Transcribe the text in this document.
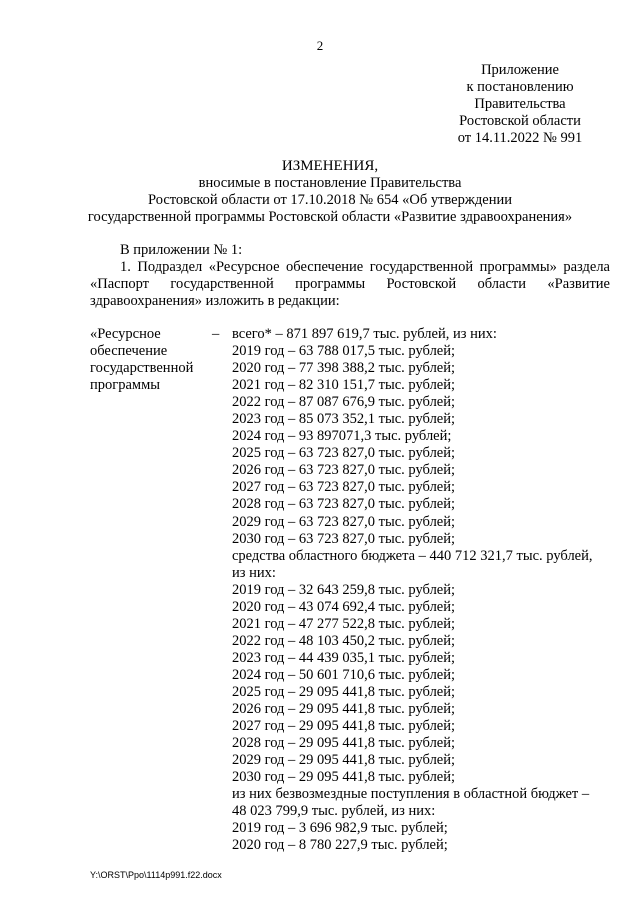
2
Приложение
к постановлению
Правительства
Ростовской области
от 14.11.2022 № 991
ИЗМЕНЕНИЯ,
вносимые в постановление Правительства
Ростовской области от 17.10.2018 № 654 «Об утверждении
государственной программы Ростовской области «Развитие здравоохранения»
В приложении № 1:

1. Подраздел «Ресурсное обеспечение государственной программы» раздела «Паспорт государственной программы Ростовской области «Развитие здравоохранения» изложить в редакции:

«Ресурсное
обеспечение
государственной
программы
– всего* – 871 897 619,7 тыс. рублей, из них:
2019 год – 63 788 017,5 тыс. рублей;
2020 год – 77 398 388,2 тыс. рублей;
2021 год – 82 310 151,7 тыс. рублей;
2022 год – 87 087 676,9 тыс. рублей;
2023 год – 85 073 352,1 тыс. рублей;
2024 год – 93 897071,3 тыс. рублей;
2025 год – 63 723 827,0 тыс. рублей;
2026 год – 63 723 827,0 тыс. рублей;
2027 год – 63 723 827,0 тыс. рублей;
2028 год – 63 723 827,0 тыс. рублей;
2029 год – 63 723 827,0 тыс. рублей;
2030 год – 63 723 827,0 тыс. рублей;
средства областного бюджета – 440 712 321,7 тыс. рублей,
из них:
2019 год – 32 643 259,8 тыс. рублей;
2020 год – 43 074 692,4 тыс. рублей;
2021 год – 47 277 522,8 тыс. рублей;
2022 год – 48 103 450,2 тыс. рублей;
2023 год – 44 439 035,1 тыс. рублей;
2024 год – 50 601 710,6 тыс. рублей;
2025 год – 29 095 441,8 тыс. рублей;
2026 год – 29 095 441,8 тыс. рублей;
2027 год – 29 095 441,8 тыс. рублей;
2028 год – 29 095 441,8 тыс. рублей;
2029 год – 29 095 441,8 тыс. рублей;
2030 год – 29 095 441,8 тыс. рублей;
из них безвозмездные поступления в областной бюджет –
48 023 799,9 тыс. рублей, из них:
2019 год – 3 696 982,9 тыс. рублей;
2020 год – 8 780 227,9 тыс. рублей;
Y:\ORST\Ppo\1114p991.f22.docx
